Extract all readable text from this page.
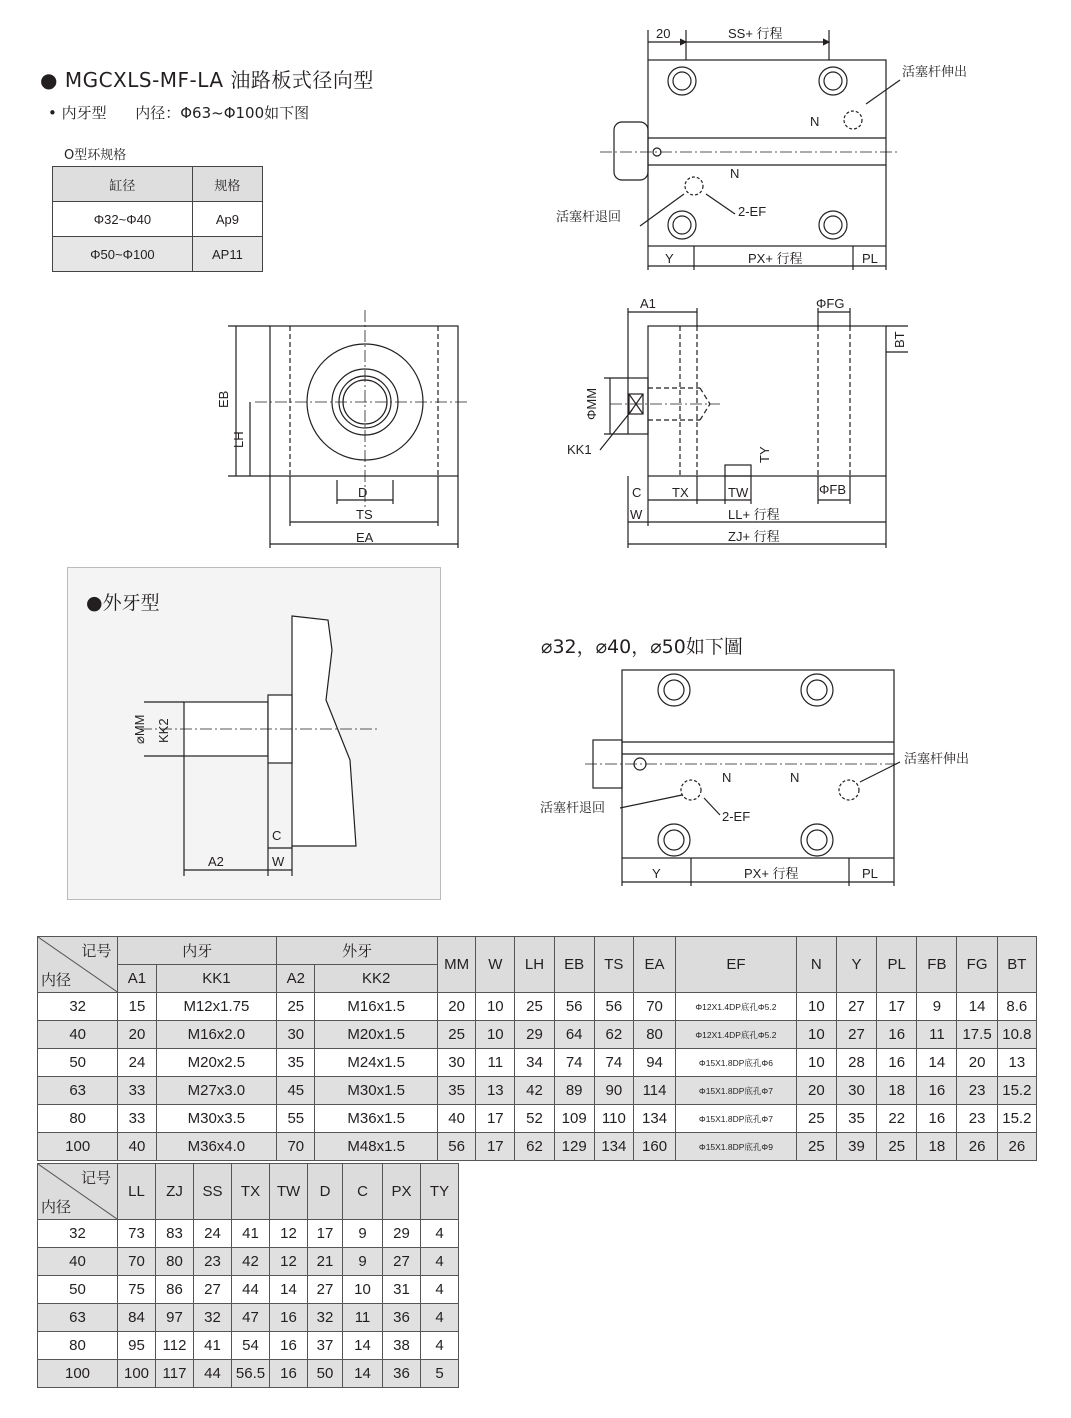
● MGCXLS-MF-LA 油路板式径向型
• 内牙型 内径：Φ63~Φ100如下图
O型环规格
缸径	规格
Φ32~Φ40	Ap9
Φ50~Φ100	AP11
●外牙型
⌀32，⌀40，⌀50如下圖
20	SS+ 行程
活塞杆伸出
活塞杆退回	2-EF
N
N
Y	PX+ 行程	PL
EB
LH
D
TS
EA
A1	ΦFG
BT
ΦMM
KK1	TY
C TX	TW	ΦFB
W	LL+ 行程
ZJ+ 行程
⌀MM KK2
C
A2	W
活塞杆伸出
活塞杆退回
2-EF
N	N
Y	PX+ 行程	PL
记号
内径	内牙		外牙		MM	W	LH	EB	TS	EA	EF	N	Y	PL	FB	FG	BT
	A1	KK1	A2	KK2													
32	15	M12x1.75	25	M16x1.5	20	10	25	56	56	70	Φ12X1.4DP底孔Φ5.2	10	27	17	9	14	8.6
40	20	M16x2.0	30	M20x1.5	25	10	29	64	62	80	Φ12X1.4DP底孔Φ5.2	10	27	16	11	17.5	10.8
50	24	M20x2.5	35	M24x1.5	30	11	34	74	74	94	Φ15X1.8DP底孔Φ6	10	28	16	14	20	13
63	33	M27x3.0	45	M30x1.5	35	13	42	89	90	114	Φ15X1.8DP底孔Φ7	20	30	18	16	23	15.2
80	33	M30x3.5	55	M36x1.5	40	17	52	109	110	134	Φ15X1.8DP底孔Φ7	25	35	22	16	23	15.2
100	40	M36x4.0	70	M48x1.5	56	17	62	129	134	160	Φ15X1.8DP底孔Φ9	25	39	25	18	26	26
记号
内径	LL	ZJ	SS	TX	TW	D	C	PX	TY
32	73	83	24	41	12	17	9	29	4
40	70	80	23	42	12	21	9	27	4
50	75	86	27	44	14	27	10	31	4
63	84	97	32	47	16	32	11	36	4
80	95	112	41	54	16	37	14	38	4
100	100	117	44	56.5	16	50	14	36	5
